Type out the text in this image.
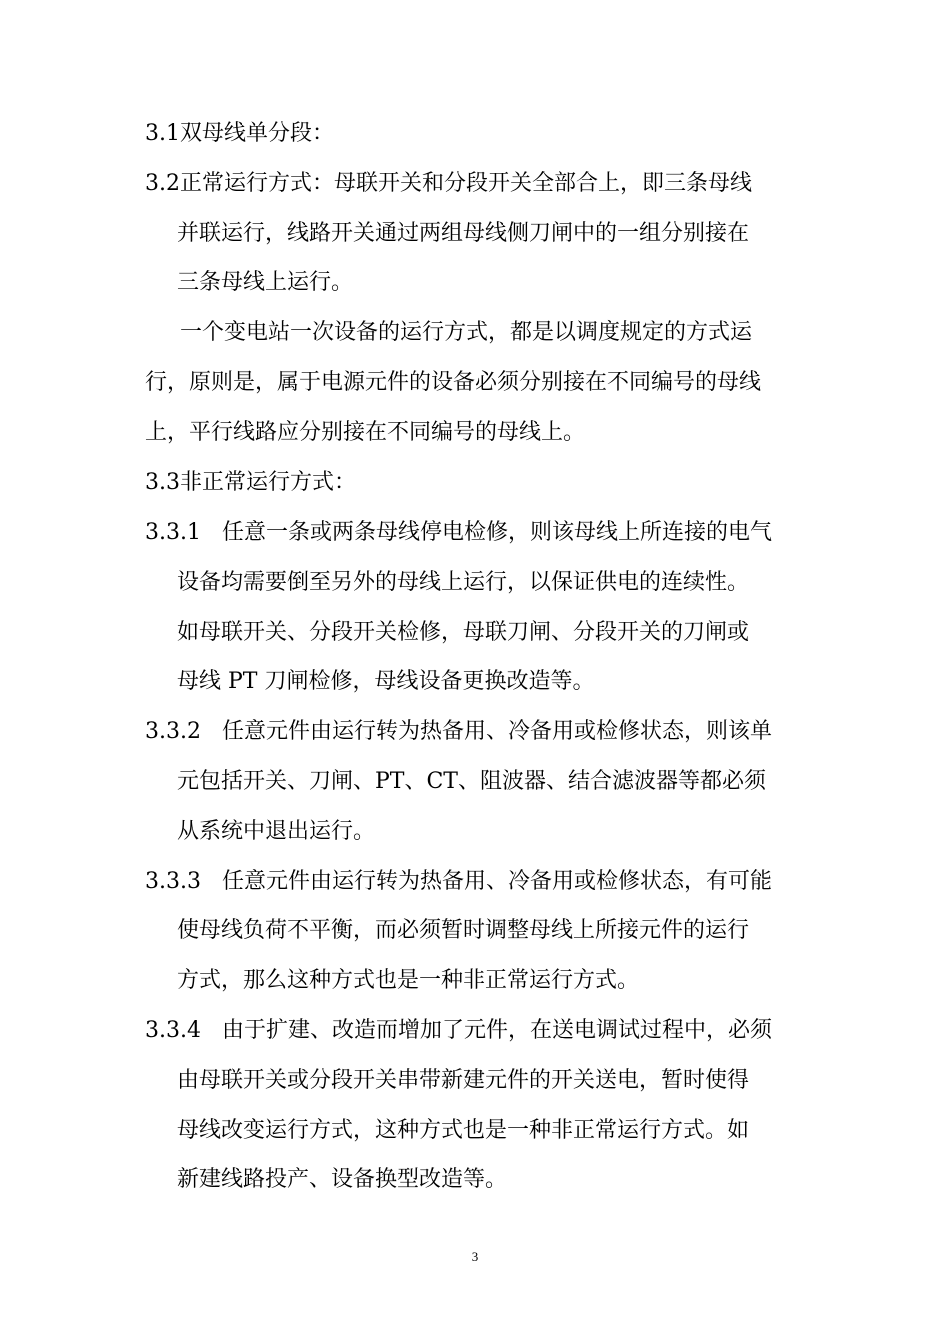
3.1双母线单分段：
3.2正常运行方式：母联开关和分段开关全部合上，即三条母线
并联运行，线路开关通过两组母线侧刀闸中的一组分别接在
三条母线上运行。
一个变电站一次设备的运行方式，都是以调度规定的方式运
行，原则是，属于电源元件的设备必须分别接在不同编号的母线
上，平行线路应分别接在不同编号的母线上。
3.3非正常运行方式：
3.3.1   任意一条或两条母线停电检修，则该母线上所连接的电气
设备均需要倒至另外的母线上运行，以保证供电的连续性。
如母联开关、分段开关检修，母联刀闸、分段开关的刀闸或
母线 PT 刀闸检修，母线设备更换改造等。
3.3.2   任意元件由运行转为热备用、冷备用或检修状态，则该单
元包括开关、刀闸、PT、CT、阻波器、结合滤波器等都必须
从系统中退出运行。
3.3.3   任意元件由运行转为热备用、冷备用或检修状态，有可能
使母线负荷不平衡，而必须暂时调整母线上所接元件的运行
方式，那么这种方式也是一种非正常运行方式。
3.3.4   由于扩建、改造而增加了元件，在送电调试过程中，必须
由母联开关或分段开关串带新建元件的开关送电，暂时使得
母线改变运行方式，这种方式也是一种非正常运行方式。如
新建线路投产、设备换型改造等。
3
